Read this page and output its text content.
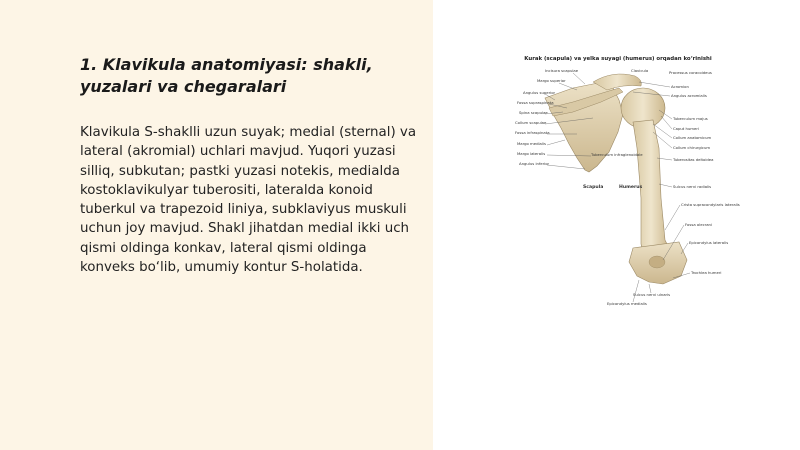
1. Klavikula anatomiyasi: shakli, yuzalari va chegaralari

Klavikula S-shaklli uzun suyak; medial (sternal) va lateral (akromial) uchlari mavjud. Yuqori yuzasi silliq, subkutan; pastki yuzasi notekis, medialda kostoklavikulyar tuberositi, lateralda konoid tuberkul va trapezoid liniya, subklaviyus muskuli uchun joy mavjud. Shakl jihatdan medial ikki uch qismi oldinga konkav, lateral qismi oldinga konveks bo‘lib, umumiy kontur S-holatida.

Kurak (scapula) va yelka suyagi (humerus) orqadan ko‘rinishi
Incisura scapulae
Margo superior
Angulus superior
Fossa supraspinata
Spina scapulae
Collum scapulae
Fossa infraspinata
Margo medialis
Margo lateralis
Angulus inferior
Clavicula	Processus coracoideus
Acromion
Angulus acromialis
Tuberculum majus
Caput humeri
Collum anatomicum
Collum chirurgicum
Tuberositas deltoidea
Sulcus nervi radialis
Crista supracondylaris lateralis
Fossa olecrani
Epicondylus lateralis
Trochlea humeri
Tuberculum infraglenoidale
Scapula	Humerus
Sulcus nervi ulnaris
Epicondylus medialis
